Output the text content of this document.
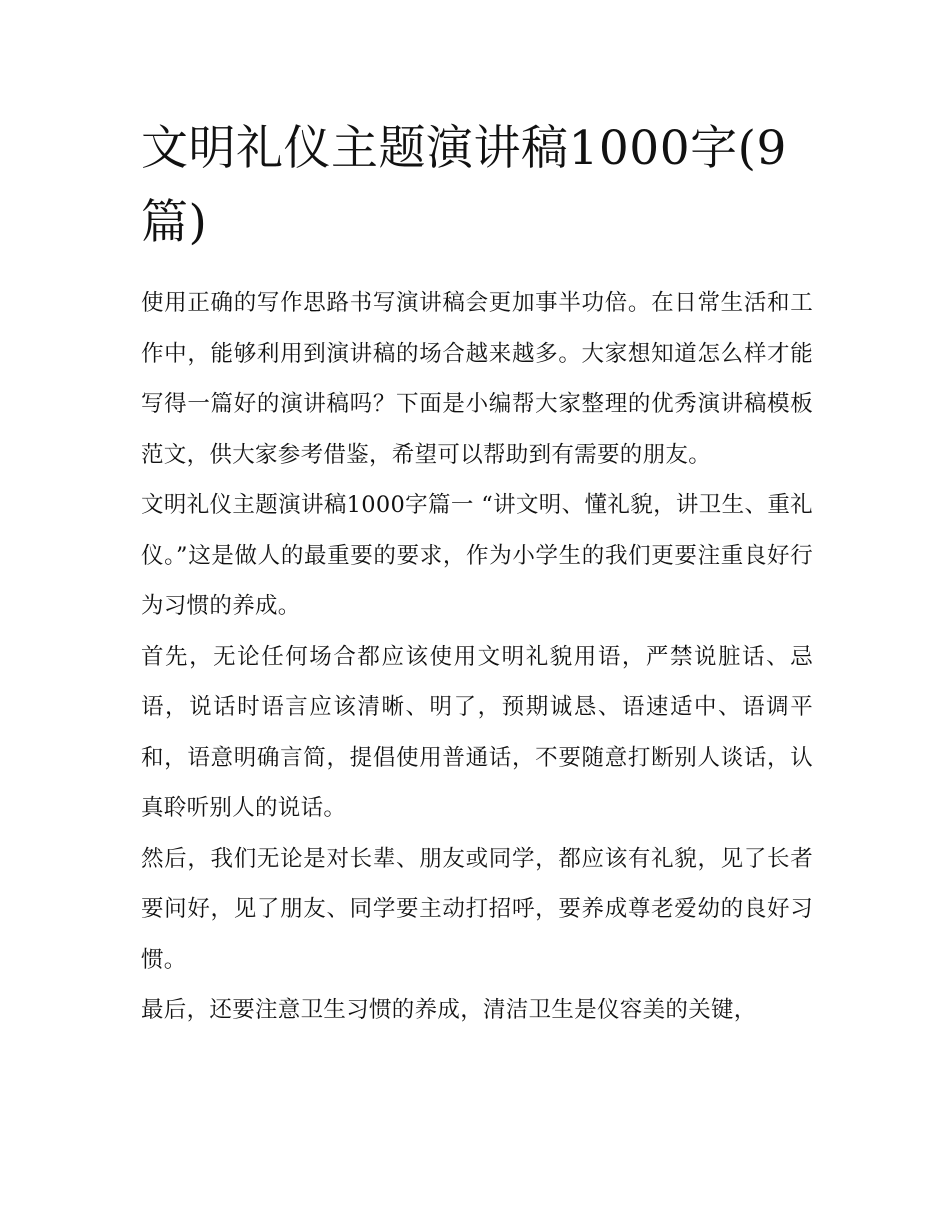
文明礼仪主题演讲稿1000字(9篇)

使用正确的写作思路书写演讲稿会更加事半功倍。在日常生活和工作中，能够利用到演讲稿的场合越来越多。大家想知道怎么样才能写得一篇好的演讲稿吗？下面是小编帮大家整理的优秀演讲稿模板范文，供大家参考借鉴，希望可以帮助到有需要的朋友。

文明礼仪主题演讲稿1000字篇一 “讲文明、懂礼貌，讲卫生、重礼仪。”这是做人的最重要的要求，作为小学生的我们更要注重良好行为习惯的养成。

首先，无论任何场合都应该使用文明礼貌用语，严禁说脏话、忌语，说话时语言应该清晰、明了，预期诚恳、语速适中、语调平和，语意明确言简，提倡使用普通话，不要随意打断别人谈话，认真聆听别人的说话。

然后，我们无论是对长辈、朋友或同学，都应该有礼貌，见了长者要问好，见了朋友、同学要主动打招呼，要养成尊老爱幼的良好习惯。

最后，还要注意卫生习惯的养成，清洁卫生是仪容美的关键，
